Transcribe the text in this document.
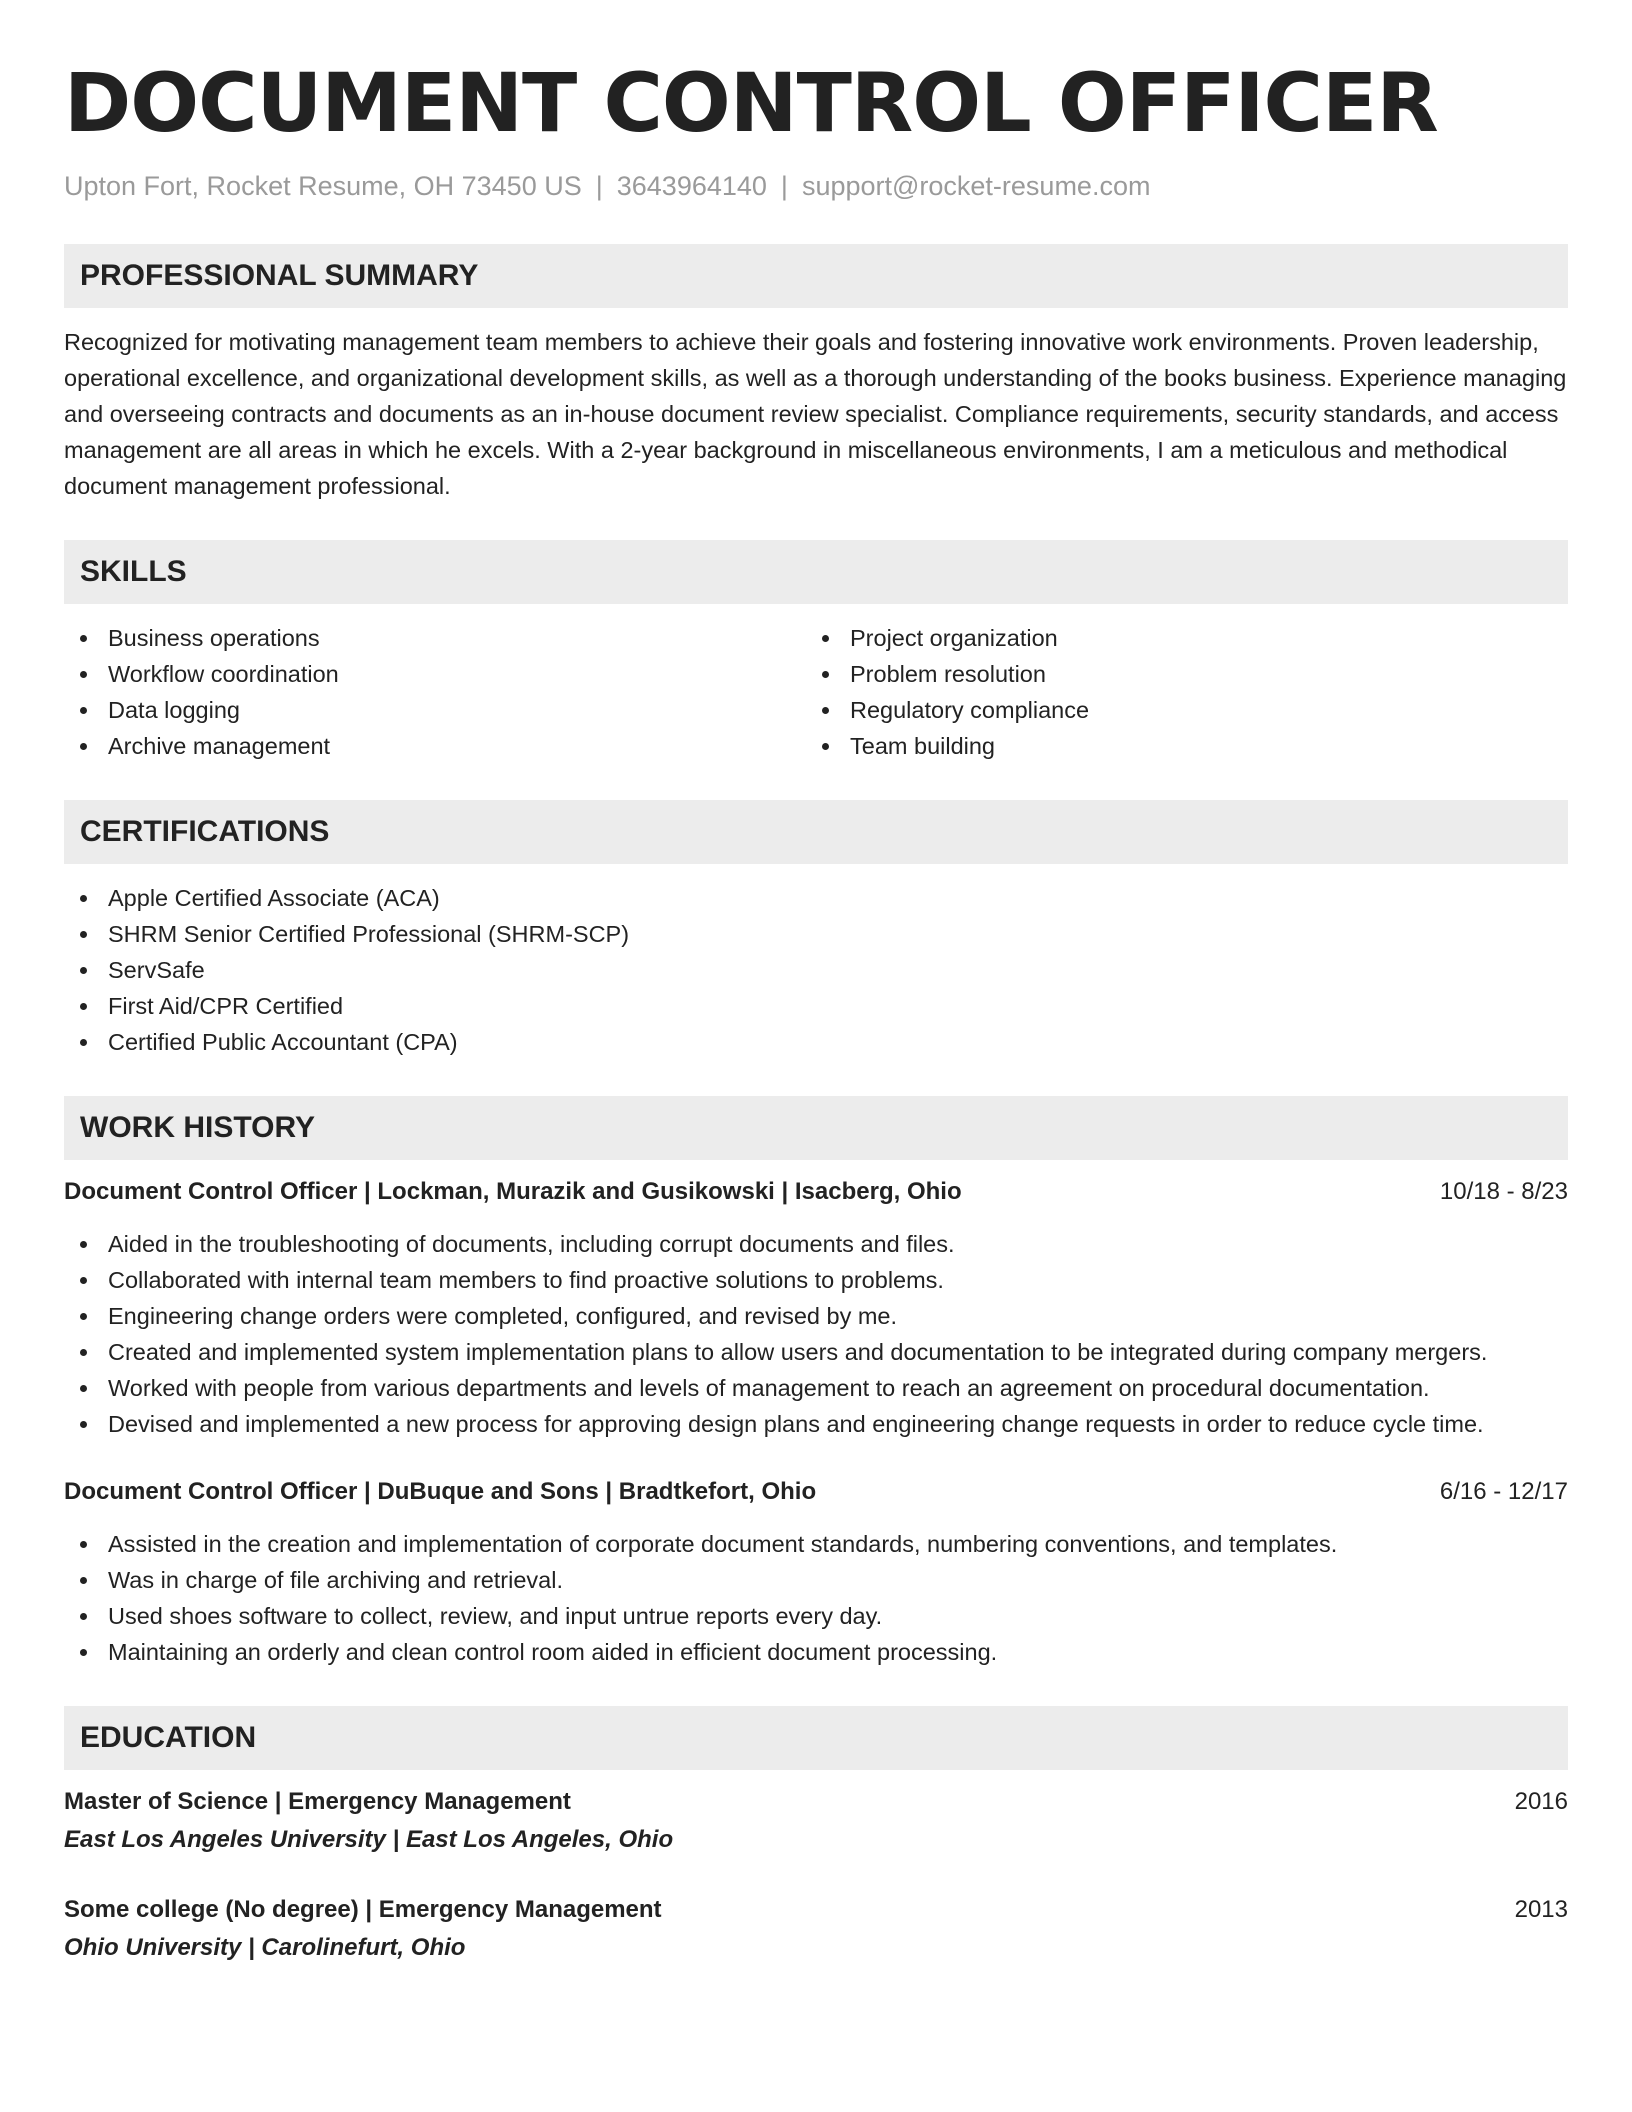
DOCUMENT CONTROL OFFICER
Upton Fort, Rocket Resume, OH 73450 US | 3643964140 | support@rocket-resume.com
PROFESSIONAL SUMMARY

Recognized for motivating management team members to achieve their goals and fostering innovative work environments. Proven leadership, operational excellence, and organizational development skills, as well as a thorough understanding of the books business. Experience managing and overseeing contracts and documents as an in-house document review specialist. Compliance requirements, security standards, and access management are all areas in which he excels. With a 2-year background in miscellaneous environments, I am a meticulous and methodical document management professional.

SKILLS
Business operations
Workflow coordination
Data logging
Archive management
Project organization
Problem resolution
Regulatory compliance
Team building
CERTIFICATIONS
Apple Certified Associate (ACA)
SHRM Senior Certified Professional (SHRM-SCP)
ServSafe
First Aid/CPR Certified
Certified Public Accountant (CPA)
WORK HISTORY
Document Control Officer | Lockman, Murazik and Gusikowski | Isacberg, Ohio	10/18 - 8/23
Aided in the troubleshooting of documents, including corrupt documents and files.
Collaborated with internal team members to find proactive solutions to problems.
Engineering change orders were completed, configured, and revised by me.
Created and implemented system implementation plans to allow users and documentation to be integrated during company mergers.
Worked with people from various departments and levels of management to reach an agreement on procedural documentation.
Devised and implemented a new process for approving design plans and engineering change requests in order to reduce cycle time.
Document Control Officer | DuBuque and Sons | Bradtkefort, Ohio	6/16 - 12/17
Assisted in the creation and implementation of corporate document standards, numbering conventions, and templates.
Was in charge of file archiving and retrieval.
Used shoes software to collect, review, and input untrue reports every day.
Maintaining an orderly and clean control room aided in efficient document processing.
EDUCATION
Master of Science | Emergency Management	2016
East Los Angeles University | East Los Angeles, Ohio
Some college (No degree) | Emergency Management	2013
Ohio University | Carolinefurt, Ohio
